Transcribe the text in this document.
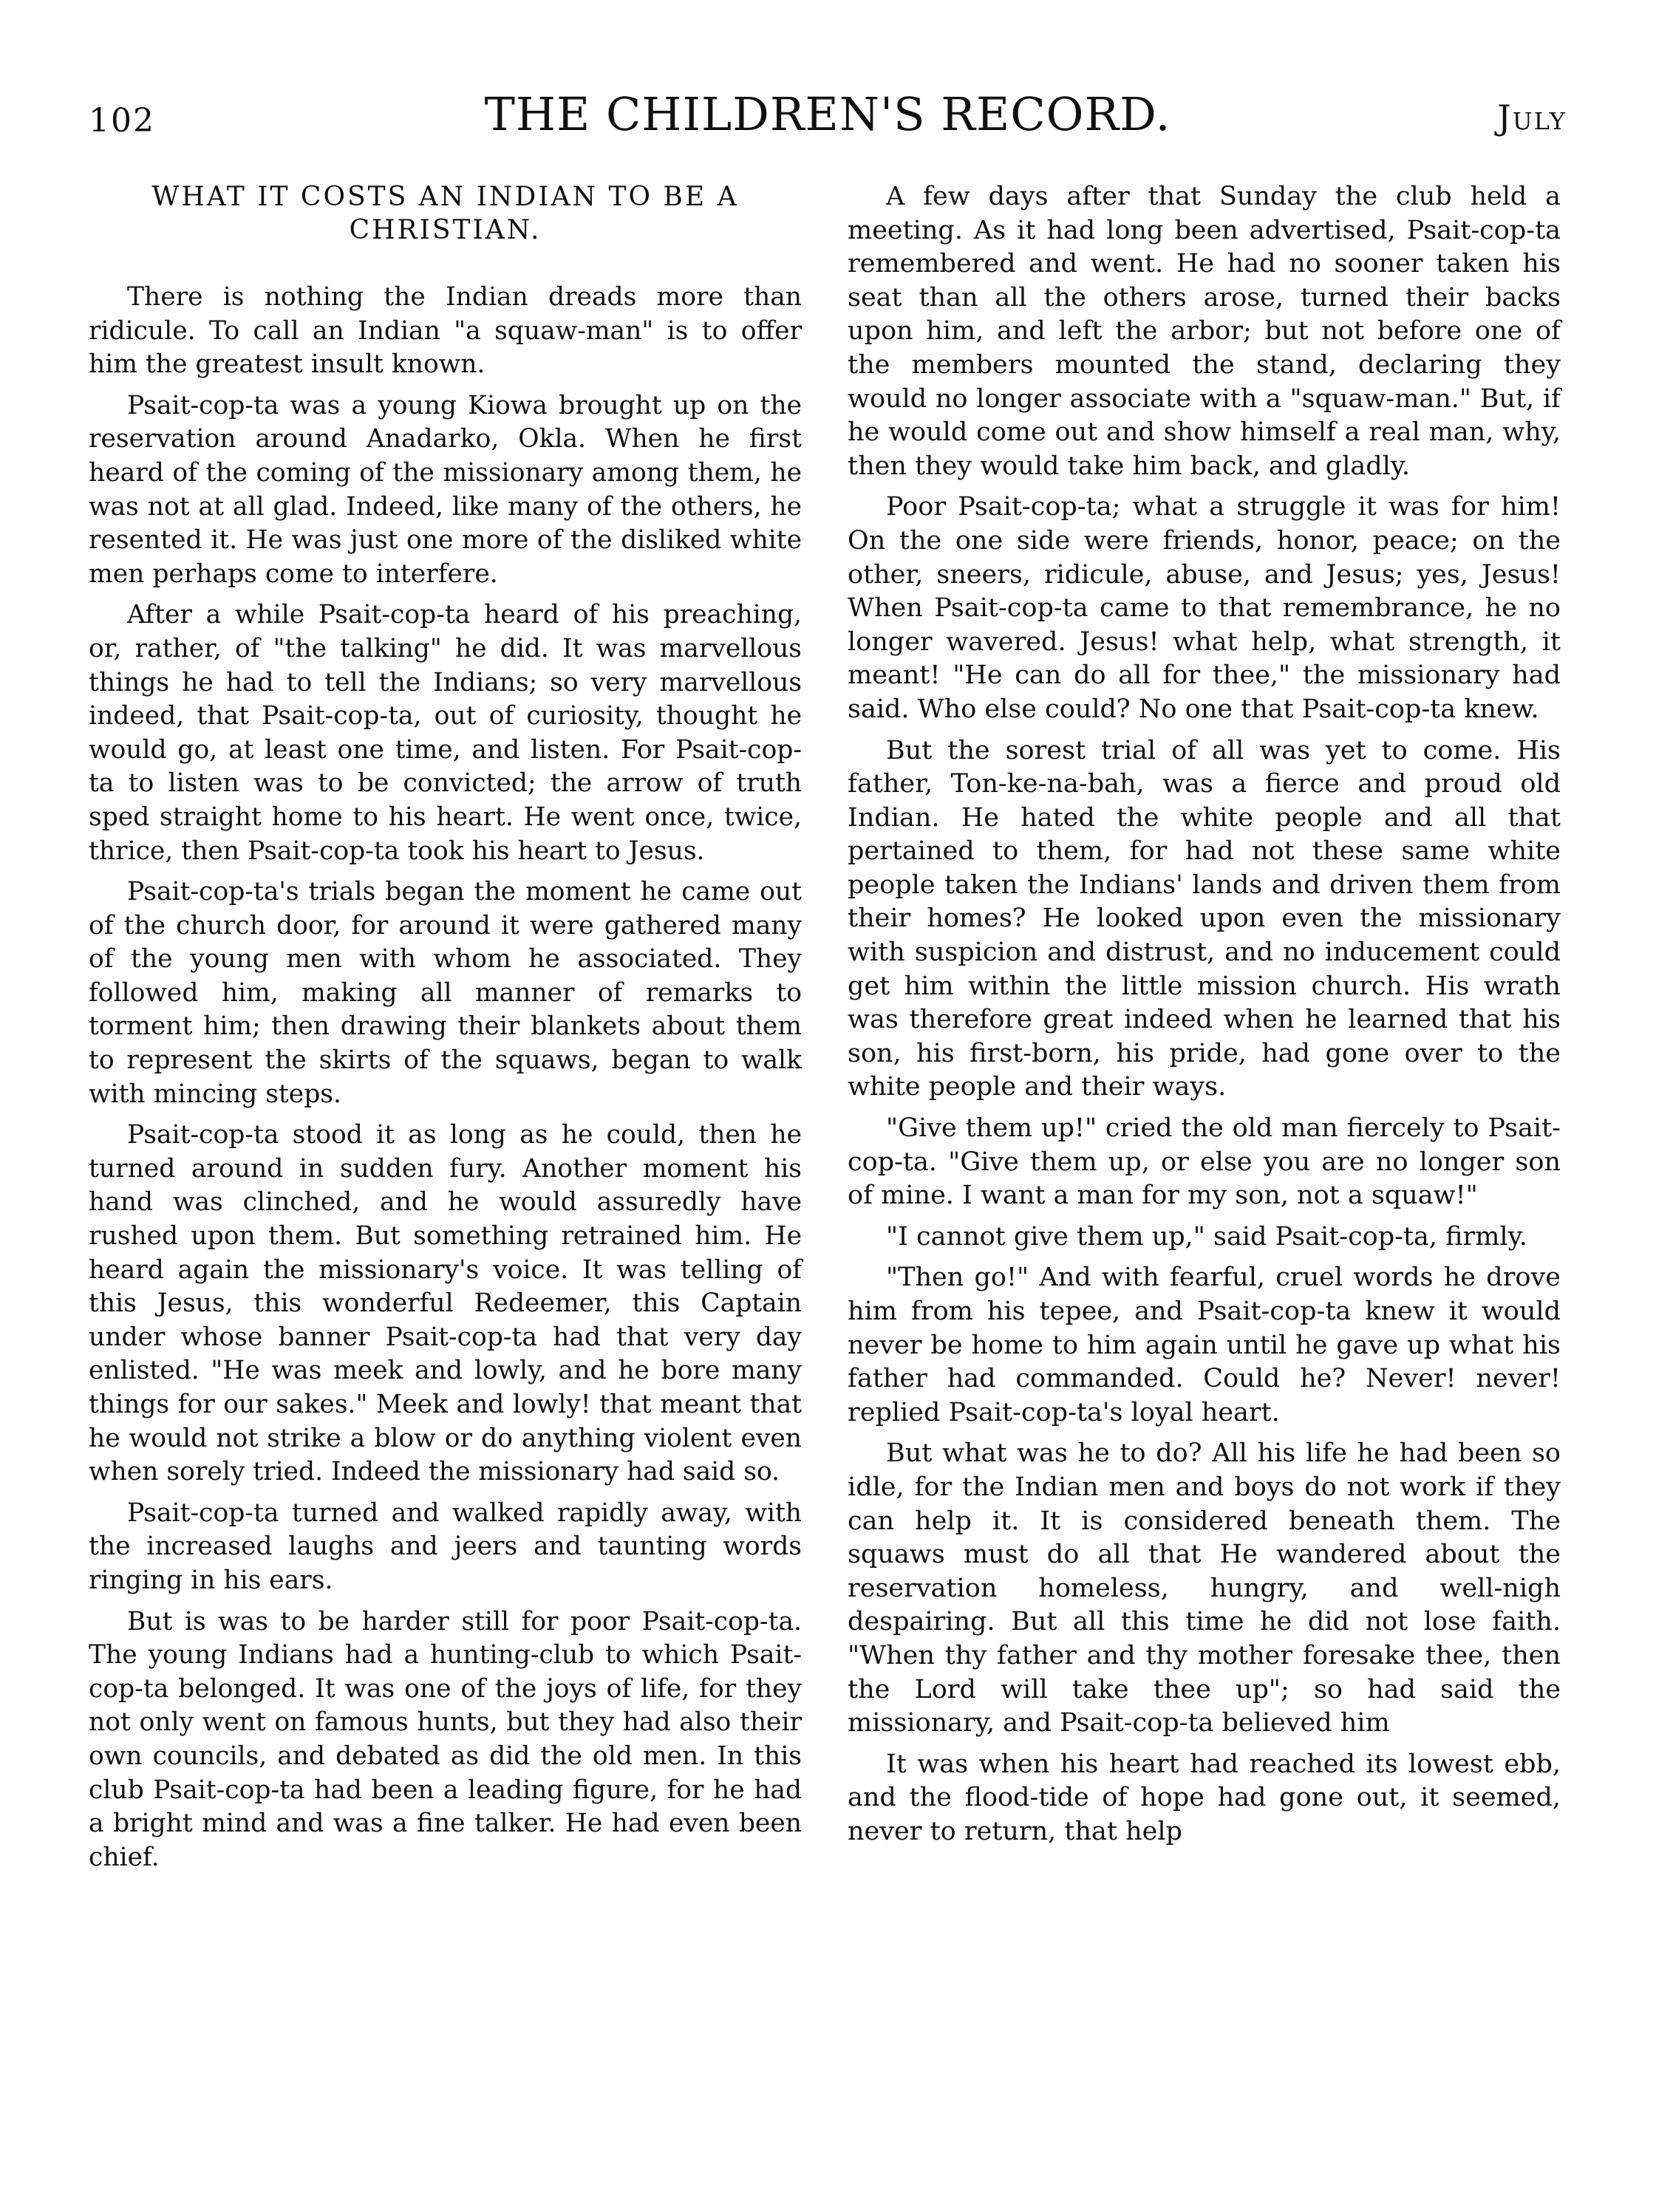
102	THE CHILDREN'S RECORD.	July
WHAT IT COSTS AN INDIAN TO BE A CHRISTIAN.

There is nothing the Indian dreads more than ridicule. To call an Indian "a squaw-man" is to offer him the greatest insult known.

Psait-cop-ta was a young Kiowa brought up on the reservation around Anadarko, Okla. When he first heard of the coming of the missionary among them, he was not at all glad. Indeed, like many of the others, he resented it. He was just one more of the disliked white men perhaps come to interfere.

After a while Psait-cop-ta heard of his preaching, or, rather, of "the talking" he did. It was marvellous things he had to tell the Indians; so very marvellous indeed, that Psait-cop-ta, out of curiosity, thought he would go, at least one time, and listen. For Psait-cop-ta to listen was to be convicted; the arrow of truth sped straight home to his heart. He went once, twice, thrice, then Psait-cop-ta took his heart to Jesus.

Psait-cop-ta's trials began the moment he came out of the church door, for around it were gathered many of the young men with whom he associated. They followed him, making all manner of remarks to torment him; then drawing their blankets about them to represent the skirts of the squaws, began to walk with mincing steps.

Psait-cop-ta stood it as long as he could, then he turned around in sudden fury. Another moment his hand was clinched, and he would assuredly have rushed upon them. But something retrained him. He heard again the missionary's voice. It was telling of this Jesus, this wonderful Redeemer, this Captain under whose banner Psait-cop-ta had that very day enlisted. "He was meek and lowly, and he bore many things for our sakes." Meek and lowly! that meant that he would not strike a blow or do anything violent even when sorely tried. Indeed the missionary had said so.

Psait-cop-ta turned and walked rapidly away, with the increased laughs and jeers and taunting words ringing in his ears.

But is was to be harder still for poor Psait-cop-ta. The young Indians had a hunting-club to which Psait-cop-ta belonged. It was one of the joys of life, for they not only went on famous hunts, but they had also their own councils, and debated as did the old men. In this club Psait-cop-ta had been a leading figure, for he had a bright mind and was a fine talker. He had even been chief.

A few days after that Sunday the club held a meeting. As it had long been advertised, Psait-cop-ta remembered and went. He had no sooner taken his seat than all the others arose, turned their backs upon him, and left the arbor; but not before one of the members mounted the stand, declaring they would no longer associate with a "squaw-man." But, if he would come out and show himself a real man, why, then they would take him back, and gladly.

Poor Psait-cop-ta; what a struggle it was for him! On the one side were friends, honor, peace; on the other, sneers, ridicule, abuse, and Jesus; yes, Jesus! When Psait-cop-ta came to that remembrance, he no longer wavered. Jesus! what help, what strength, it meant! "He can do all for thee," the missionary had said. Who else could? No one that Psait-cop-ta knew.

But the sorest trial of all was yet to come. His father, Ton-ke-na-bah, was a fierce and proud old Indian. He hated the white people and all that pertained to them, for had not these same white people taken the Indians' lands and driven them from their homes? He looked upon even the missionary with suspicion and distrust, and no inducement could get him within the little mission church. His wrath was therefore great indeed when he learned that his son, his first-born, his pride, had gone over to the white people and their ways.

"Give them up!" cried the old man fiercely to Psait-cop-ta. "Give them up, or else you are no longer son of mine. I want a man for my son, not a squaw!"

"I cannot give them up," said Psait-cop-ta, firmly.

"Then go!" And with fearful, cruel words he drove him from his tepee, and Psait-cop-ta knew it would never be home to him again until he gave up what his father had commanded. Could he? Never! never! replied Psait-cop-ta's loyal heart.

But what was he to do? All his life he had been so idle, for the Indian men and boys do not work if they can help it. It is considered beneath them. The squaws must do all that He wandered about the reservation homeless, hungry, and well-nigh despairing. But all this time he did not lose faith. "When thy father and thy mother foresake thee, then the Lord will take thee up"; so had said the missionary, and Psait-cop-ta believed him

It was when his heart had reached its lowest ebb, and the flood-tide of hope had gone out, it seemed, never to return, that help
